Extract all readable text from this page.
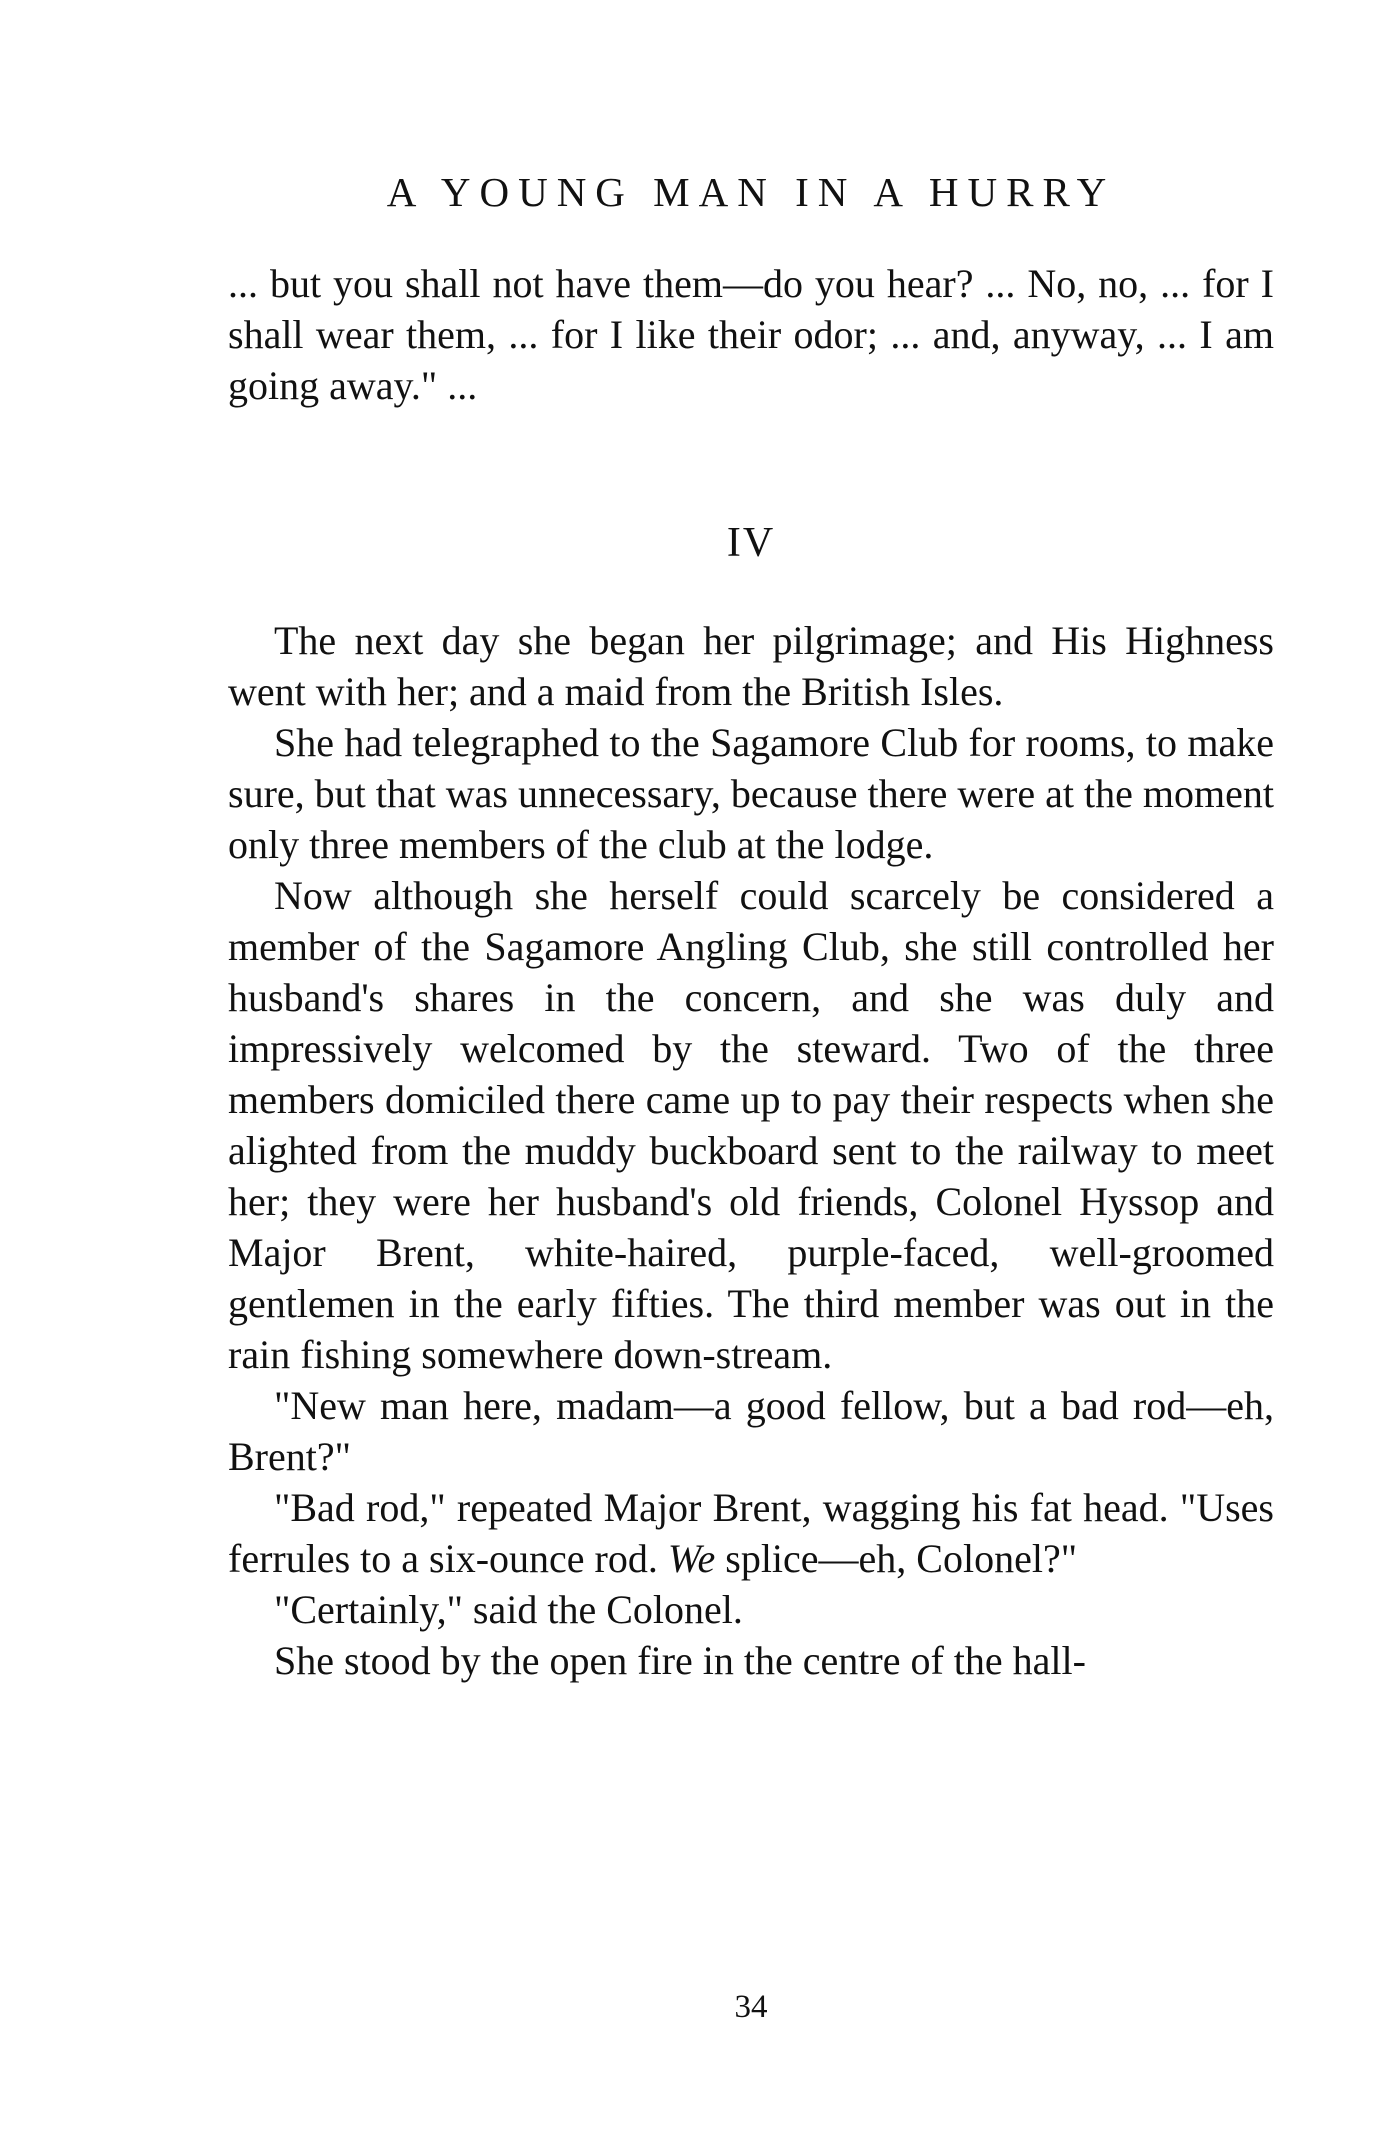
A YOUNG MAN IN A HURRY

... but you shall not have them—do you hear? ... No, no, ... for I shall wear them, ... for I like their odor; ... and, anyway, ... I am going away." ...

IV

The next day she began her pilgrimage; and His Highness went with her; and a maid from the British Isles.

She had telegraphed to the Sagamore Club for rooms, to make sure, but that was unnecessary, because there were at the moment only three members of the club at the lodge.

Now although she herself could scarcely be considered a member of the Sagamore Angling Club, she still controlled her husband's shares in the concern, and she was duly and impressively welcomed by the steward. Two of the three members domiciled there came up to pay their respects when she alighted from the muddy buckboard sent to the railway to meet her; they were her husband's old friends, Colonel Hyssop and Major Brent, white-haired, purple-faced, well-groomed gentlemen in the early fifties. The third member was out in the rain fishing somewhere down-stream.

"New man here, madam—a good fellow, but a bad rod—eh, Brent?"

"Bad rod," repeated Major Brent, wagging his fat head. "Uses ferrules to a six-ounce rod. We splice—eh, Colonel?"

"Certainly," said the Colonel.

She stood by the open fire in the centre of the hall-

34
